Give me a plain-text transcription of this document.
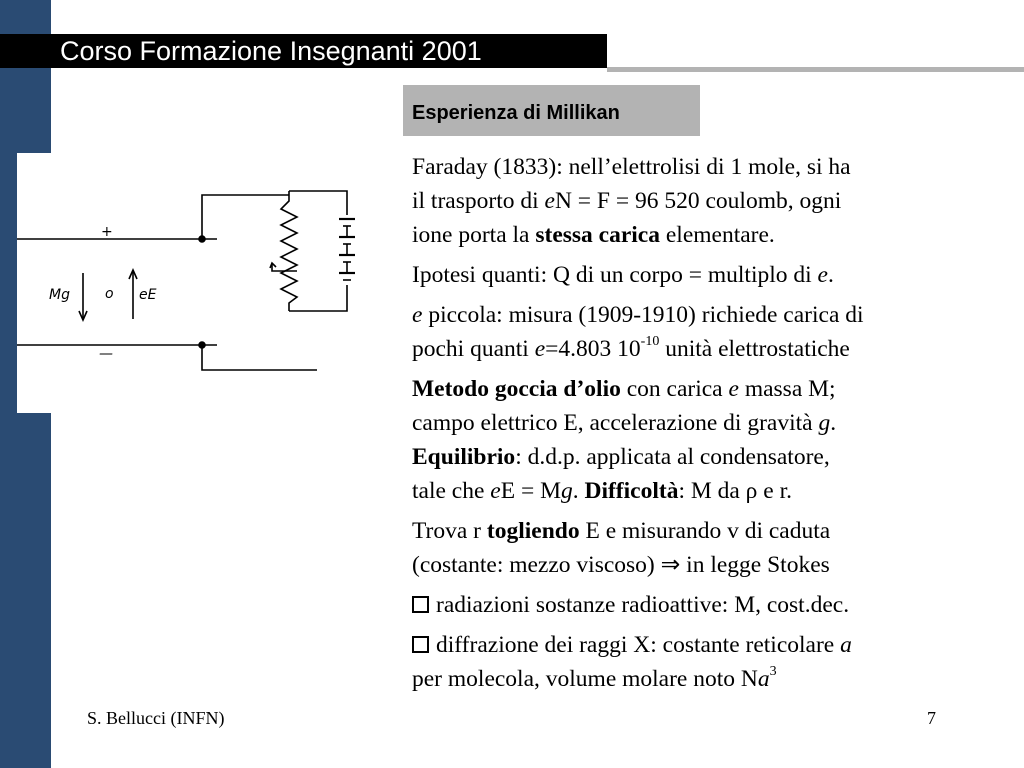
Corso Formazione Insegnanti 2001
Esperienza di Millikan
+
—
Mg	o eE

Faraday (1833): nell’elettrolisi di 1 mole, si ha

il trasporto di eN = F = 96 520 coulomb, ogni

ione porta la stessa carica elementare.

Ipotesi quanti: Q di un corpo = multiplo di e.

e piccola: misura (1909-1910) richiede carica di

pochi quanti e=4.803 $10^{-10}$ unità elettrostatiche

Metodo goccia d’olio con carica e massa M;

campo elettrico E, accelerazione di gravità g.

Equilibrio: d.d.p. applicata al condensatore,

tale che eE = Mg. Difficoltà: M da ρ e r.

Trova r togliendo E e misurando v di caduta

(costante: mezzo viscoso) ⇒ in legge Stokes

radiazioni sostanze radioattive: M, cost.dec.

diffrazione dei raggi X: costante reticolare a

per molecola, volume molare noto Na$^3$

S. Bellucci (INFN)	7
